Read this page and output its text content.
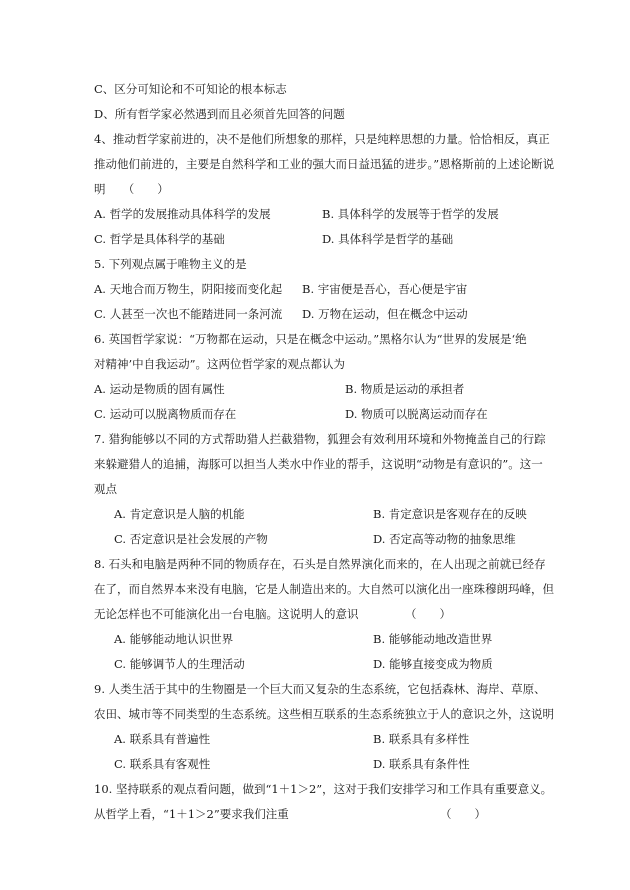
C、区分可知论和不可知论的根本标志
D、所有哲学家必然遇到而且必须首先回答的问题
4、推动哲学家前进的，决不是他们所想象的那样，只是纯粹思想的力量。恰恰相反，真正
推动他们前进的，主要是自然科学和工业的强大而日益迅猛的进步。”恩格斯前的上述论断说
明　　（　　）
A. 哲学的发展推动具体科学的发展	B. 具体科学的发展等于哲学的发展
C. 哲学是具体科学的基础	D. 具体科学是哲学的基础
5. 下列观点属于唯物主义的是
A. 天地合而万物生，阴阳接而变化起 B. 宇宙便是吾心，吾心便是宇宙
C. 人甚至一次也不能踏进同一条河流 D. 万物在运动，但在概念中运动
6. 英国哲学家说：“万物都在运动，只是在概念中运动。”黑格尔认为“世界的发展是‘绝
对精神’中自我运动”。这两位哲学家的观点都认为
A. 运动是物质的固有属性	B. 物质是运动的承担者
C. 运动可以脱离物质而存在	D. 物质可以脱离运动而存在
7. 猎狗能够以不同的方式帮助猎人拦截猎物，狐狸会有效利用环境和外物掩盖自己的行踪
来躲避猎人的追捕，海豚可以担当人类水中作业的帮手，这说明“动物是有意识的”。这一
观点
A. 肯定意识是人脑的机能	B. 肯定意识是客观存在的反映
C. 否定意识是社会发展的产物	D. 否定高等动物的抽象思维
8. 石头和电脑是两种不同的物质存在，石头是自然界演化而来的，在人出现之前就已经存
在了，而自然界本来没有电脑，它是人制造出来的。大自然可以演化出一座珠穆朗玛峰，但
无论怎样也不可能演化出一台电脑。这说明人的意识	（　　）
A. 能够能动地认识世界	B. 能够能动地改造世界
C. 能够调节人的生理活动	D. 能够直接变成为物质
9. 人类生活于其中的生物圈是一个巨大而又复杂的生态系统，它包括森林、海岸、草原、
农田、城市等不同类型的生态系统。这些相互联系的生态系统独立于人的意识之外，这说明
A. 联系具有普遍性	B. 联系具有多样性
C. 联系具有客观性	D. 联系具有条件性
10. 坚持联系的观点看问题，做到“1＋1＞2”，这对于我们安排学习和工作具有重要意义。
从哲学上看，“1＋1＞2”要求我们注重	（　　）
